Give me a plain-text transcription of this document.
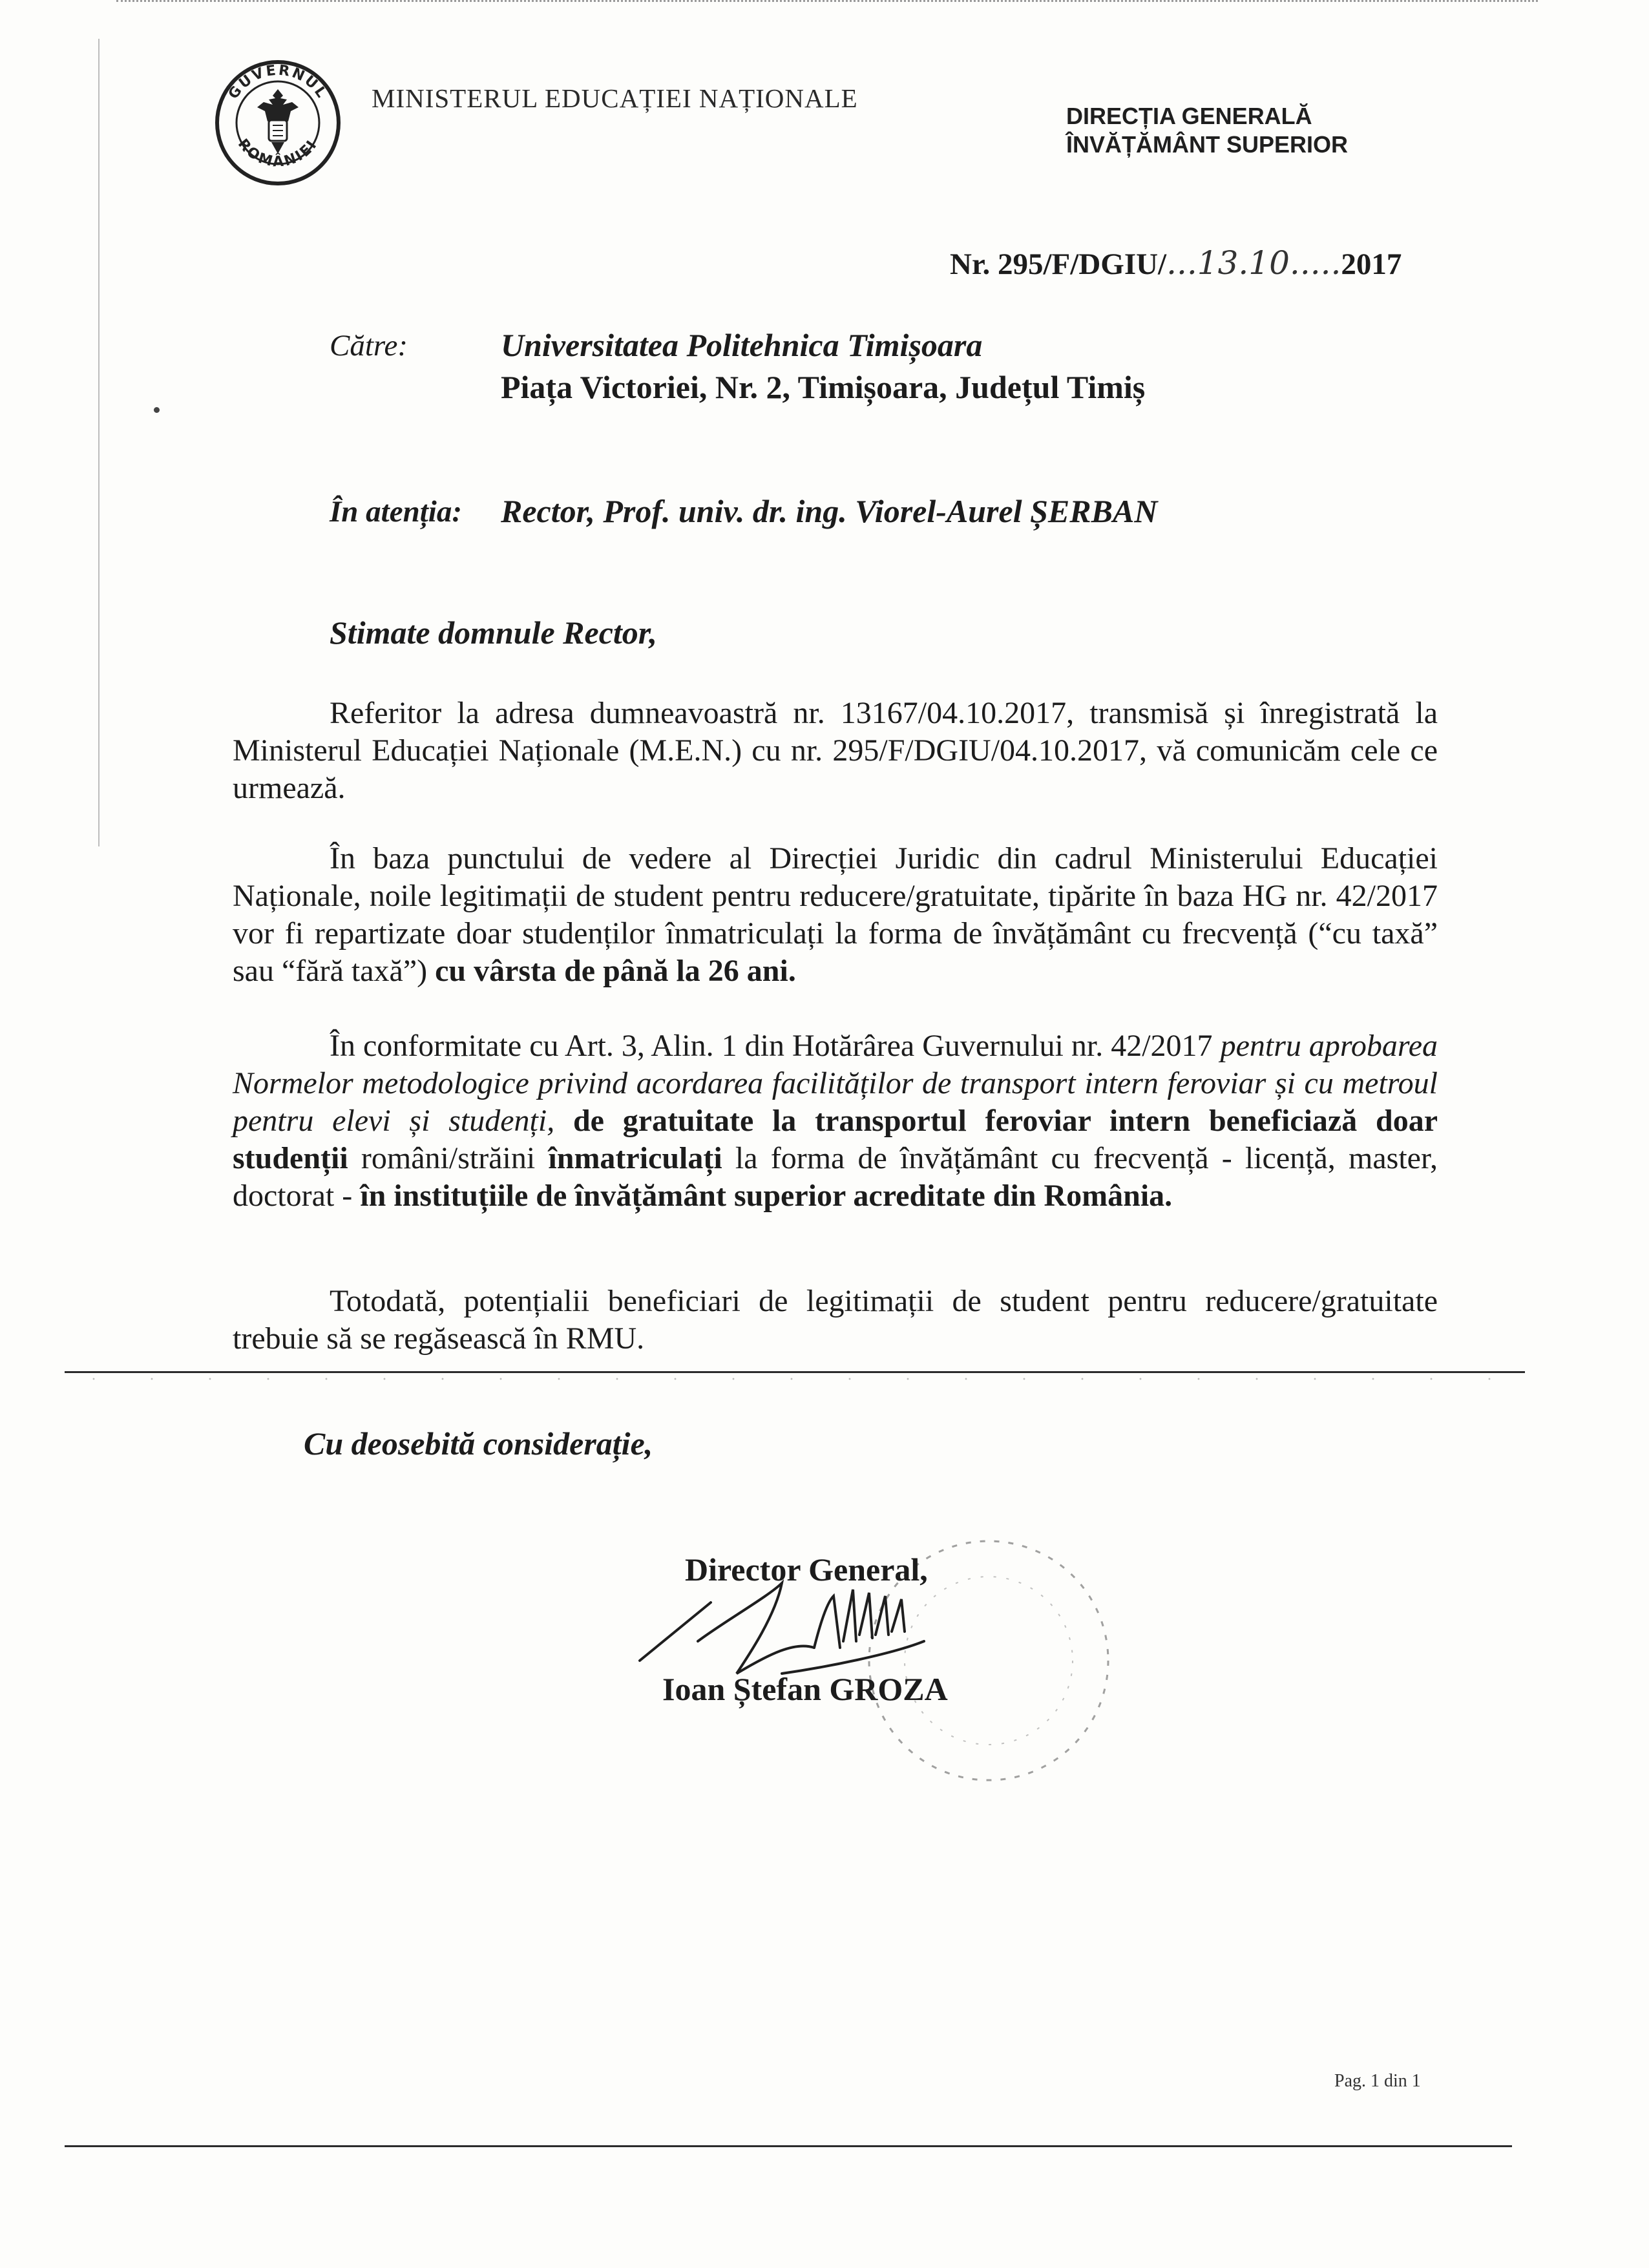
GUVERNUL
ROMÂNIEI
MINISTERUL EDUCAȚIEI NAȚIONALE
DIRECȚIA GENERALĂ
ÎNVĂȚĂMÂNT SUPERIOR
Nr. 295/F/DGIU/...13.10.....2017
Către:	Universitatea Politehnica Timișoara
Piața Victoriei, Nr. 2, Timișoara, Județul Timiș
În atenția: Rector, Prof. univ. dr. ing. Viorel-Aurel ȘERBAN
Stimate domnule Rector,
Referitor la adresa dumneavoastră nr. 13167/04.10.2017, transmisă și înregistrată la Ministerul Educației Naționale (M.E.N.) cu nr. 295/F/DGIU/04.10.2017, vă comunicăm cele ce urmează.
În baza punctului de vedere al Direcției Juridic din cadrul Ministerului Educației Naționale, noile legitimații de student pentru reducere/gratuitate, tipărite în baza HG nr. 42/2017 vor fi repartizate doar studenților înmatriculați la forma de învățământ cu frecvență (“cu taxă” sau “fără taxă”) cu vârsta de până la 26 ani.
În conformitate cu Art. 3, Alin. 1 din Hotărârea Guvernului nr. 42/2017 pentru aprobarea Normelor metodologice privind acordarea facilităților de transport intern feroviar și cu metroul pentru elevi și studenți, de gratuitate la transportul feroviar intern beneficiază doar studenții români/străini înmatriculați la forma de învățământ cu frecvență - licență, master, doctorat - în instituțiile de învățământ superior acreditate din România.
Totodată, potențialii beneficiari de legitimații de student pentru reducere/gratuitate trebuie să se regăsească în RMU.
Cu deosebită considerație,
Director General,
Ioan Ștefan GROZA
Pag. 1 din 1
